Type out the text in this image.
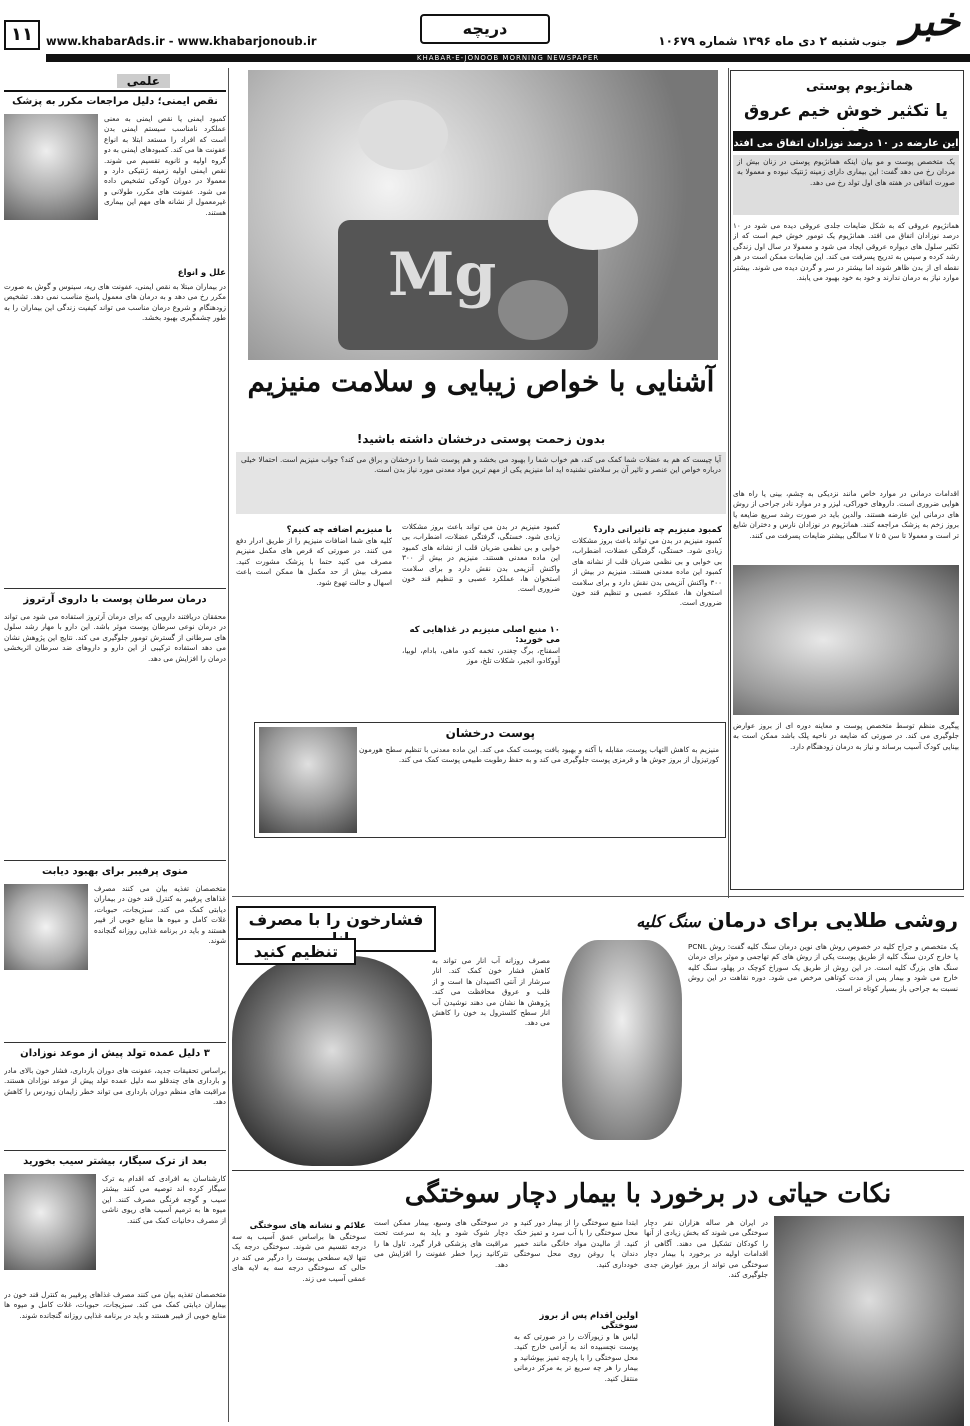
خبر
جنوب
شنبه ۲ دی ماه ۱۳۹۶ شماره ۱۰۶۷۹
دریچه
www.khabarAds.ir - www.khabarjonoub.ir
۱۱
KHABAR-E-JONOOB MORNING NEWSPAPER
همانژیوم پوستی
یا تکثیر خوش خیم عروق
این عارضه در ۱۰ درصد نوزادان اتفاق می افتد
یک متخصص پوست و مو بیان اینکه همانژیوم پوستی در زنان بیش از مردان رخ می دهد گفت: این بیماری دارای زمینه ژنتیک نبوده و معمولا به صورت اتفاقی در هفته های اول تولد رخ می دهد.
همانژیوم عروقی که به شکل ضایعات جلدی عروقی دیده می شود در ۱۰ درصد نوزادان اتفاق می افتد. همانژیوم یک تومور خوش خیم است که از تکثیر سلول های دیواره عروقی ایجاد می شود و معمولا در سال اول زندگی رشد کرده و سپس به تدریج پسرفت می کند. این ضایعات ممکن است در هر نقطه ای از بدن ظاهر شوند اما بیشتر در سر و گردن دیده می شوند. بیشتر موارد نیاز به درمان ندارند و خود به خود بهبود می یابند.
اقدامات درمانی در موارد خاص مانند نزدیکی به چشم، بینی یا راه های هوایی ضروری است. داروهای خوراکی، لیزر و در موارد نادر جراحی از روش های درمانی این عارضه هستند. والدین باید در صورت رشد سریع ضایعه یا بروز زخم به پزشک مراجعه کنند. همانژیوم در نوزادان نارس و دختران شایع تر است و معمولا تا سن ۵ تا ۷ سالگی بیشتر ضایعات پسرفت می کنند.
پیگیری منظم توسط متخصص پوست و معاینه دوره ای از بروز عوارض جلوگیری می کند. در صورتی که ضایعه در ناحیه پلک باشد ممکن است به بینایی کودک آسیب برساند و نیاز به درمان زودهنگام دارد.
Mg
آشنایی با خواص زیبایی و سلامت منیزیم
بدون زحمت پوستی درخشان داشته باشید!
آیا چیست که هم به عضلات شما کمک می کند، هم خواب شما را بهبود می بخشد و هم پوست شما را درخشان و براق می کند؟ جواب منیزیم است. احتمالا خیلی درباره خواص این عنصر و تاثیر آن بر سلامتی نشنیده اید اما منیزیم یکی از مهم ترین مواد معدنی مورد نیاز بدن است.
کمبود منیزیم چه تاثیراتی دارد؟
کمبود منیزیم در بدن می تواند باعث بروز مشکلات زیادی شود. خستگی، گرفتگی عضلات، اضطراب، بی خوابی و بی نظمی ضربان قلب از نشانه های کمبود این ماده معدنی هستند. منیزیم در بیش از ۳۰۰ واکنش آنزیمی بدن نقش دارد و برای سلامت استخوان ها، عملکرد عصبی و تنظیم قند خون ضروری است.
کمبود منیزیم در بدن می تواند باعث بروز مشکلات زیادی شود. خستگی، گرفتگی عضلات، اضطراب، بی خوابی و بی نظمی ضربان قلب از نشانه های کمبود این ماده معدنی هستند. منیزیم در بیش از ۳۰۰ واکنش آنزیمی بدن نقش دارد و برای سلامت استخوان ها، عملکرد عصبی و تنظیم قند خون ضروری است.
۱۰ منبع اصلی منیزیم در غذاهایی که می خورید:
اسفناج، برگ چغندر، تخمه کدو، ماهی، بادام، لوبیا، آووکادو، انجیر، شکلات تلخ، موز
با منیزیم اضافه چه کنیم؟
کلیه های شما اضافات منیزیم را از طریق ادرار دفع می کنند. در صورتی که قرص های مکمل منیزیم مصرف می کنید حتما با پزشک مشورت کنید. مصرف بیش از حد مکمل ها ممکن است باعث اسهال و حالت تهوع شود.
پوست درخشان
منیزیم به کاهش التهاب پوست، مقابله با آکنه و بهبود بافت پوست کمک می کند. این ماده معدنی با تنظیم سطح هورمون کورتیزول از بروز جوش ها و قرمزی پوست جلوگیری می کند و به حفظ رطوبت طبیعی پوست کمک می کند.
علمی
نقص ایمنی؛ دلیل مراجعات مکرر به پزشک
کمبود ایمنی یا نقص ایمنی به معنی عملکرد نامناسب سیستم ایمنی بدن است که افراد را مستعد ابتلا به انواع عفونت ها می کند. کمبودهای ایمنی به دو گروه اولیه و ثانویه تقسیم می شوند. نقص ایمنی اولیه زمینه ژنتیکی دارد و معمولا در دوران کودکی تشخیص داده می شود. عفونت های مکرر، طولانی و غیرمعمول از نشانه های مهم این بیماری هستند.
علل و انواع
در بیماران مبتلا به نقص ایمنی، عفونت های ریه، سینوس و گوش به صورت مکرر رخ می دهد و به درمان های معمول پاسخ مناسب نمی دهد. تشخیص زودهنگام و شروع درمان مناسب می تواند کیفیت زندگی این بیماران را به طور چشمگیری بهبود بخشد.
درمان سرطان پوست با داروی آرتروز
محققان دریافتند دارویی که برای درمان آرتروز استفاده می شود می تواند در درمان نوعی سرطان پوست موثر باشد. این دارو با مهار رشد سلول های سرطانی از گسترش تومور جلوگیری می کند. نتایج این پژوهش نشان می دهد استفاده ترکیبی از این دارو و داروهای ضد سرطان اثربخشی درمان را افزایش می دهد.
منوی پرفیبر برای بهبود دیابت
متخصصان تغذیه بیان می کنند مصرف غذاهای پرفیبر به کنترل قند خون در بیماران دیابتی کمک می کند. سبزیجات، حبوبات، غلات کامل و میوه ها منابع خوبی از فیبر هستند و باید در برنامه غذایی روزانه گنجانده شوند.
۳ دلیل عمده تولد پیش از موعد نوزادان
براساس تحقیقات جدید، عفونت های دوران بارداری، فشار خون بالای مادر و بارداری های چندقلو سه دلیل عمده تولد پیش از موعد نوزادان هستند. مراقبت های منظم دوران بارداری می تواند خطر زایمان زودرس را کاهش دهد.
بعد از ترک سیگار، بیشتر سیب بخورید
کارشناسان به افرادی که اقدام به ترک سیگار کرده اند توصیه می کنند بیشتر سیب و گوجه فرنگی مصرف کنند. این میوه ها به ترمیم آسیب های ریوی ناشی از مصرف دخانیات کمک می کنند.
متخصصان تغذیه بیان می کنند مصرف غذاهای پرفیبر به کنترل قند خون در بیماران دیابتی کمک می کند. سبزیجات، حبوبات، غلات کامل و میوه ها منابع خوبی از فیبر هستند و باید در برنامه غذایی روزانه گنجانده شوند.
فشارخون را با مصرف
تنظیم کنید	مصرف روزانه آب انار می تواند به کاهش فشار خون کمک کند. انار سرشار از آنتی اکسیدان ها است و از قلب و عروق محافظت می کند. پژوهش ها نشان می دهند نوشیدن آب انار سطح کلسترول بد خون را کاهش می دهد.
روشی طلایی برای درمان سنگ کلیه
یک متخصص و جراح کلیه در خصوص روش های نوین درمان سنگ کلیه گفت: روش PCNL یا خارج کردن سنگ کلیه از طریق پوست یکی از روش های کم تهاجمی و موثر برای درمان سنگ های بزرگ کلیه است. در این روش از طریق یک سوراخ کوچک در پهلو، سنگ کلیه خارج می شود و بیمار پس از مدت کوتاهی مرخص می شود. دوره نقاهت در این روش نسبت به جراحی باز بسیار کوتاه تر است.
نکات حیاتی در برخورد با بیمار دچار سوختگی
در ایران هر ساله هزاران نفر دچار سوختگی می شوند که بخش زیادی از آنها را کودکان تشکیل می دهند. آگاهی از اقدامات اولیه در برخورد با بیمار دچار سوختگی می تواند از بروز عوارض جدی جلوگیری کند.
ابتدا منبع سوختگی را از بیمار دور کنید و محل سوختگی را با آب سرد و تمیز خنک کنید. از مالیدن مواد خانگی مانند خمیر دندان یا روغن روی محل سوختگی خودداری کنید.
اولین اقدام پس از بروز سوختگی
لباس ها و زیورآلات را در صورتی که به پوست نچسبیده اند به آرامی خارج کنید. محل سوختگی را با پارچه تمیز بپوشانید و بیمار را هر چه سریع تر به مرکز درمانی منتقل کنید.
در سوختگی های وسیع، بیمار ممکن است دچار شوک شود و باید به سرعت تحت مراقبت های پزشکی قرار گیرد. تاول ها را نترکانید زیرا خطر عفونت را افزایش می دهد.
علائم و نشانه های سوختگی
سوختگی ها براساس عمق آسیب به سه درجه تقسیم می شوند. سوختگی درجه یک تنها لایه سطحی پوست را درگیر می کند در حالی که سوختگی درجه سه به لایه های عمقی آسیب می زند.
